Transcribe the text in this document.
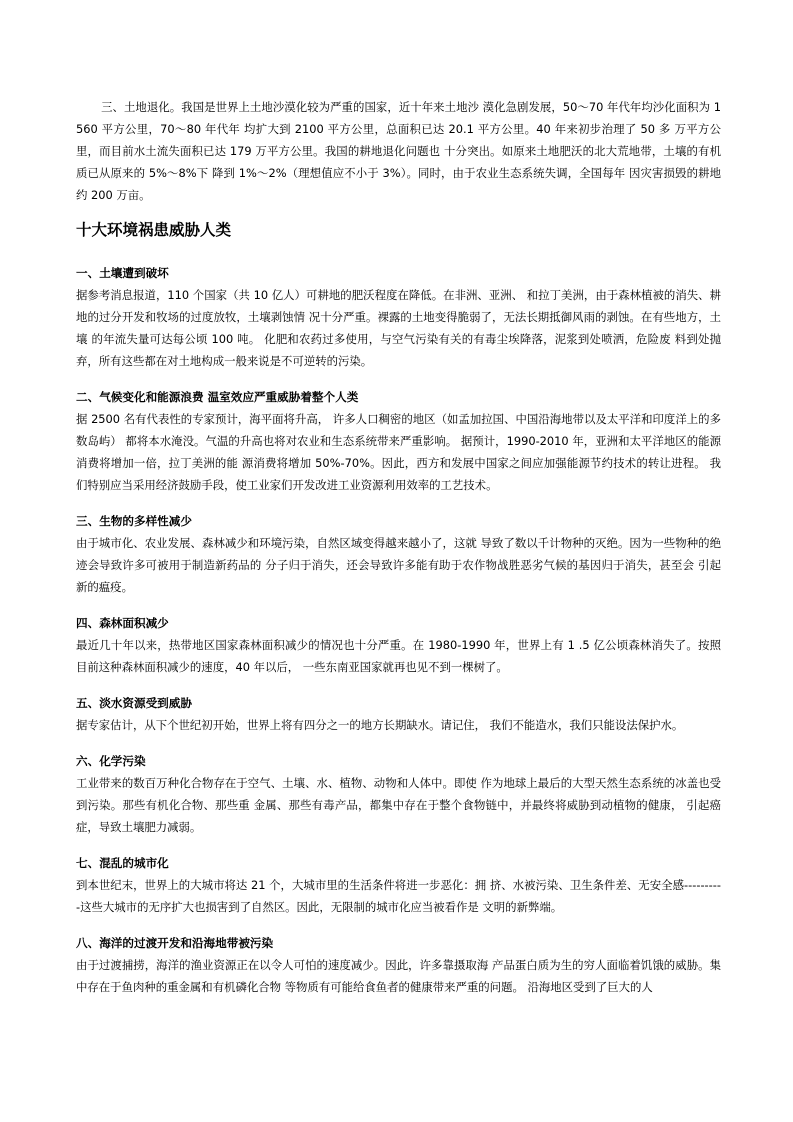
三、土地退化。我国是世界上土地沙漠化较为严重的国家，近十年来土地沙 漠化急剧发展，50～70 年代年均沙化面积为 1560 平方公里，70～80 年代年 均扩大到 2100 平方公里，总面积已达 20.1 平方公里。40 年来初步治理了 50 多 万平方公里，而目前水土流失面积已达 179 万平方公里。我国的耕地退化问题也 十分突出。如原来土地肥沃的北大荒地带，土壤的有机质已从原来的 5%～8%下 降到 1%～2%（理想值应不小于 3%）。同时，由于农业生态系统失调，全国每年 因灾害损毁的耕地约 200 万亩。

十大环境祸患威胁人类
一、土壤遭到破坏

据参考消息报道，110 个国家（共 10 亿人）可耕地的肥沃程度在降低。在非洲、亚洲、 和拉丁美洲，由于森林植被的消失、耕地的过分开发和牧场的过度放牧，土壤剥蚀情 况十分严重。裸露的土地变得脆弱了，无法长期抵御风雨的剥蚀。在有些地方，土壤 的年流失量可达每公顷 100 吨。 化肥和农药过多使用，与空气污染有关的有毒尘埃降落，泥浆到处喷洒，危险废 料到处抛弃，所有这些都在对土地构成一般来说是不可逆转的污染。

二、气候变化和能源浪费 温室效应严重威胁着整个人类

据 2500 名有代表性的专家预计，海平面将升高， 许多人口稠密的地区（如孟加拉国、中国沿海地带以及太平洋和印度洋上的多数岛屿） 都将本水淹没。气温的升高也将对农业和生态系统带来严重影响。 据预计，1990-2010 年，亚洲和太平洋地区的能源消费将增加一倍，拉丁美洲的能 源消费将增加 50%-70%。因此，西方和发展中国家之间应加强能源节约技术的转让进程。 我们特别应当采用经济鼓励手段，使工业家们开发改进工业资源利用效率的工艺技术。

三、生物的多样性减少

由于城市化、农业发展、森林减少和环境污染，自然区域变得越来越小了，这就 导致了数以千计物种的灭绝。因为一些物种的绝迹会导致许多可被用于制造新药品的 分子归于消失，还会导致许多能有助于农作物战胜恶劣气候的基因归于消失，甚至会 引起新的瘟疫。

四、森林面积减少

最近几十年以来，热带地区国家森林面积减少的情况也十分严重。在 1980-1990 年，世界上有 1 .5 亿公顷森林消失了。按照目前这种森林面积减少的速度，40 年以后， 一些东南亚国家就再也见不到一棵树了。

五、淡水资源受到威胁

据专家估计，从下个世纪初开始，世界上将有四分之一的地方长期缺水。请记住， 我们不能造水，我们只能设法保护水。

六、化学污染

工业带来的数百万种化合物存在于空气、土壤、水、植物、动物和人体中。即使 作为地球上最后的大型天然生态系统的冰盖也受到污染。那些有机化合物、那些重 金属、那些有毒产品，都集中存在于整个食物链中，并最终将威胁到动植物的健康， 引起癌症，导致土壤肥力减弱。

七、混乱的城市化

到本世纪末，世界上的大城市将达 21 个，大城市里的生活条件将进一步恶化：拥 挤、水被污染、卫生条件差、无安全感----------这些大城市的无序扩大也损害到了自然区。因此，无限制的城市化应当被看作是 文明的新弊端。

八、海洋的过渡开发和沿海地带被污染

由于过渡捕捞，海洋的渔业资源正在以令人可怕的速度减少。因此，许多靠摄取海 产品蛋白质为生的穷人面临着饥饿的威胁。集中存在于鱼肉种的重金属和有机磷化合物 等物质有可能给食鱼者的健康带来严重的问题。 沿海地区受到了巨大的人
